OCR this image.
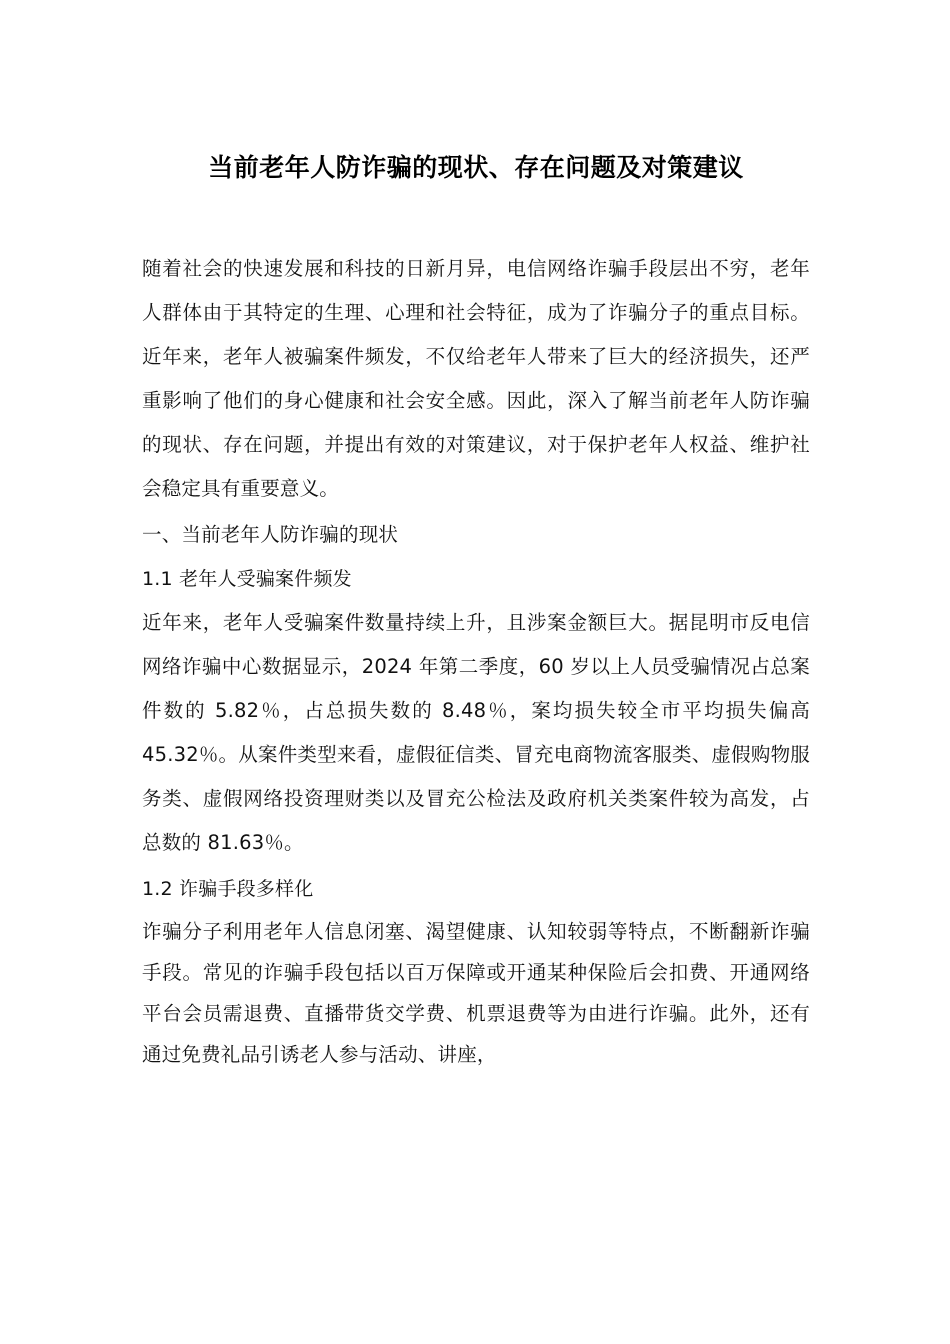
当前老年人防诈骗的现状、存在问题及对策建议

随着社会的快速发展和科技的日新月异，电信网络诈骗手段层出不穷，老年人群体由于其特定的生理、心理和社会特征，成为了诈骗分子的重点目标。近年来，老年人被骗案件频发，不仅给老年人带来了巨大的经济损失，还严重影响了他们的身心健康和社会安全感。因此，深入了解当前老年人防诈骗的现状、存在问题，并提出有效的对策建议，对于保护老年人权益、维护社会稳定具有重要意义。

一、当前老年人防诈骗的现状

1.1 老年人受骗案件频发

近年来，老年人受骗案件数量持续上升，且涉案金额巨大。据昆明市反电信网络诈骗中心数据显示，2024 年第二季度，60 岁以上人员受骗情况占总案件数的 5.82％，占总损失数的 8.48％，案均损失较全市平均损失偏高 45.32％。从案件类型来看，虚假征信类、冒充电商物流客服类、虚假购物服务类、虚假网络投资理财类以及冒充公检法及政府机关类案件较为高发，占总数的 81.63％。

1.2 诈骗手段多样化

诈骗分子利用老年人信息闭塞、渴望健康、认知较弱等特点，不断翻新诈骗手段。常见的诈骗手段包括以百万保障或开通某种保险后会扣费、开通网络平台会员需退费、直播带货交学费、机票退费等为由进行诈骗。此外，还有通过免费礼品引诱老人参与活动、讲座，
